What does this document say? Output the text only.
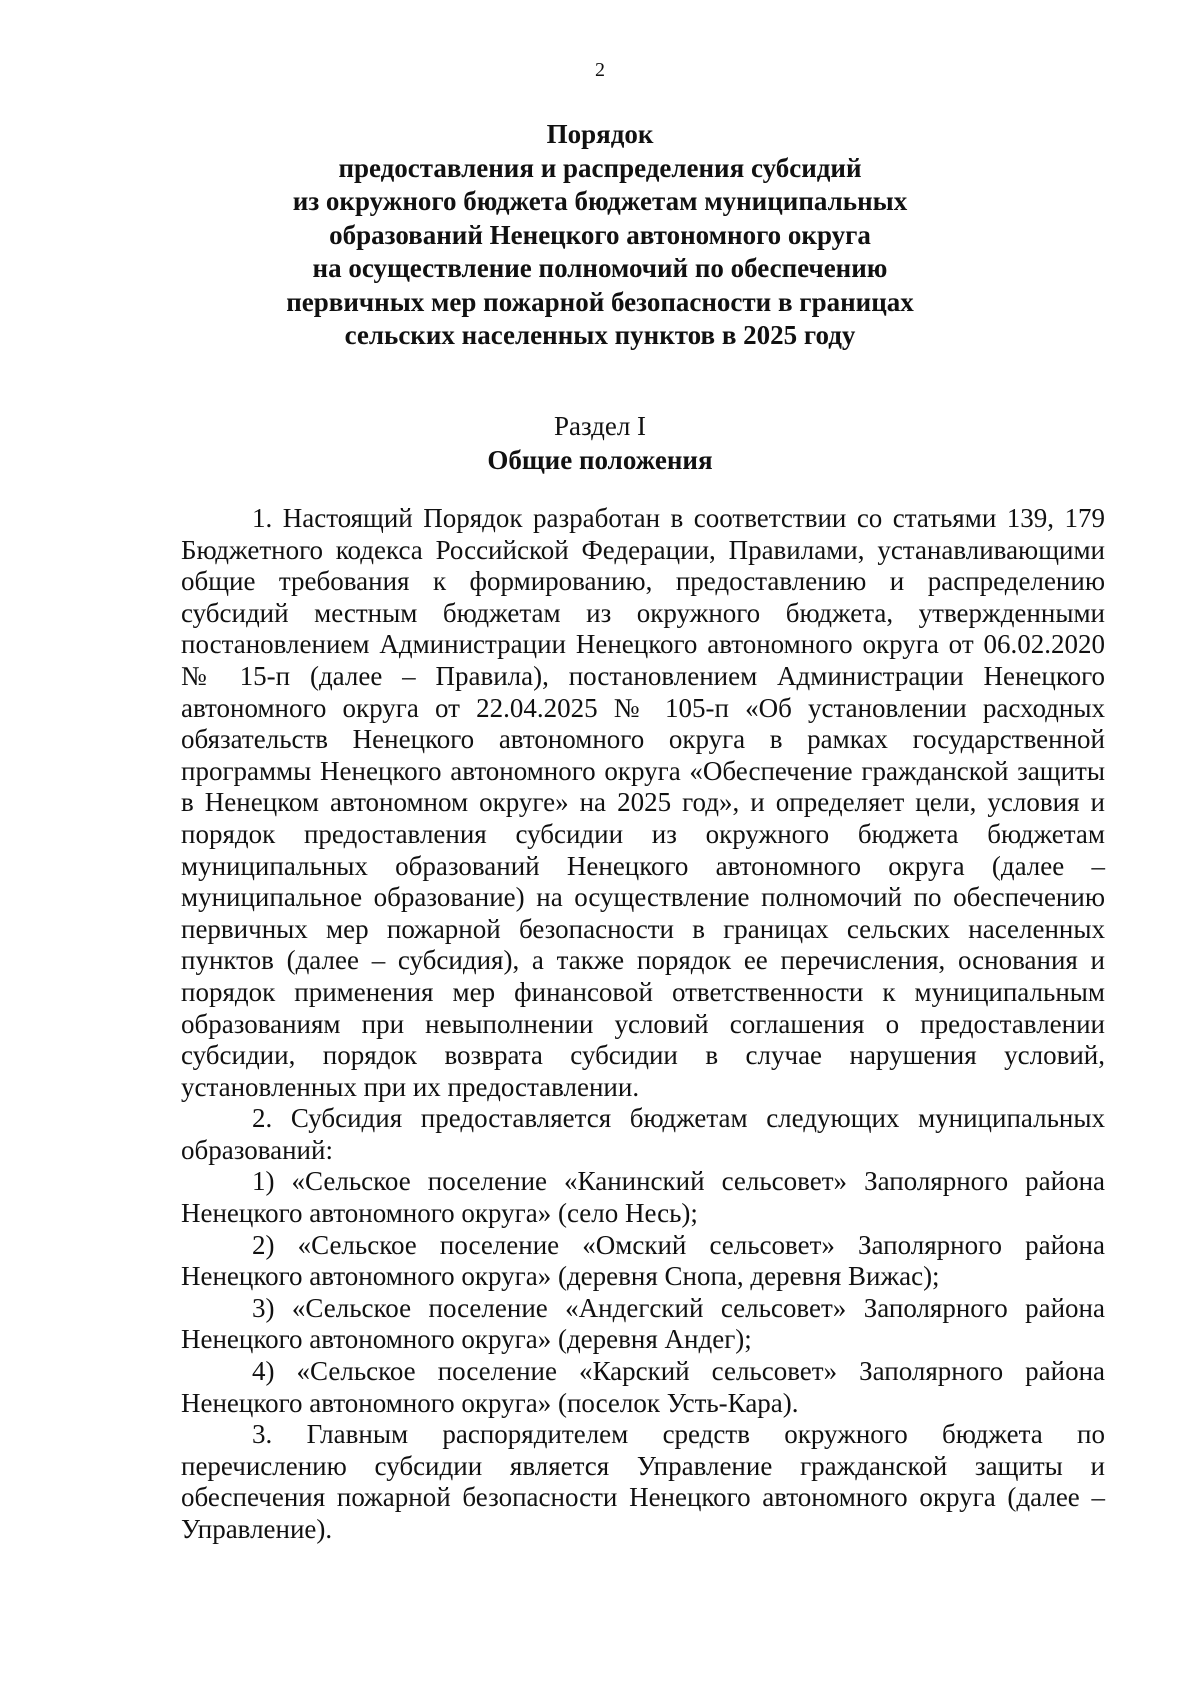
2
Порядок
предоставления и распределения субсидий
из окружного бюджета бюджетам муниципальных
образований Ненецкого автономного округа
на осуществление полномочий по обеспечению
первичных мер пожарной безопасности в границах
сельских населенных пунктов в 2025 году
Раздел I
Общие положения

1. Настоящий Порядок разработан в соответствии со статьями 139, 179 Бюджетного кодекса Российской Федерации, Правилами, устанавливающими общие требования к формированию, предоставлению и распределению субсидий местным бюджетам из окружного бюджета, утвержденными постановлением Администрации Ненецкого автономного округа от 06.02.2020 № 15-п (далее – Правила), постановлением Администрации Ненецкого автономного округа от 22.04.2025 № 105-п «Об установлении расходных обязательств Ненецкого автономного округа в рамках государственной программы Ненецкого автономного округа «Обеспечение гражданской защиты в Ненецком автономном округе» на 2025 год», и определяет цели, условия и порядок предоставления субсидии из окружного бюджета бюджетам муниципальных образований Ненецкого автономного округа (далее – муниципальное образование) на осуществление полномочий по обеспечению первичных мер пожарной безопасности в границах сельских населенных пунктов (далее – субсидия), а также порядок ее перечисления, основания и порядок применения мер финансовой ответственности к муниципальным образованиям при невыполнении условий соглашения о предоставлении субсидии, порядок возврата субсидии в случае нарушения условий, установленных при их предоставлении.

2. Субсидия предоставляется бюджетам следующих муниципальных образований:

1) «Сельское поселение «Канинский сельсовет» Заполярного района Ненецкого автономного округа» (село Несь);

2) «Сельское поселение «Омский сельсовет» Заполярного района Ненецкого автономного округа» (деревня Снопа, деревня Вижас);

3) «Сельское поселение «Андегский сельсовет» Заполярного района Ненецкого автономного округа» (деревня Андег);

4) «Сельское поселение «Карский сельсовет» Заполярного района Ненецкого автономного округа» (поселок Усть-Кара).

3. Главным распорядителем средств окружного бюджета по перечислению субсидии является Управление гражданской защиты и обеспечения пожарной безопасности Ненецкого автономного округа (далее – Управление).
